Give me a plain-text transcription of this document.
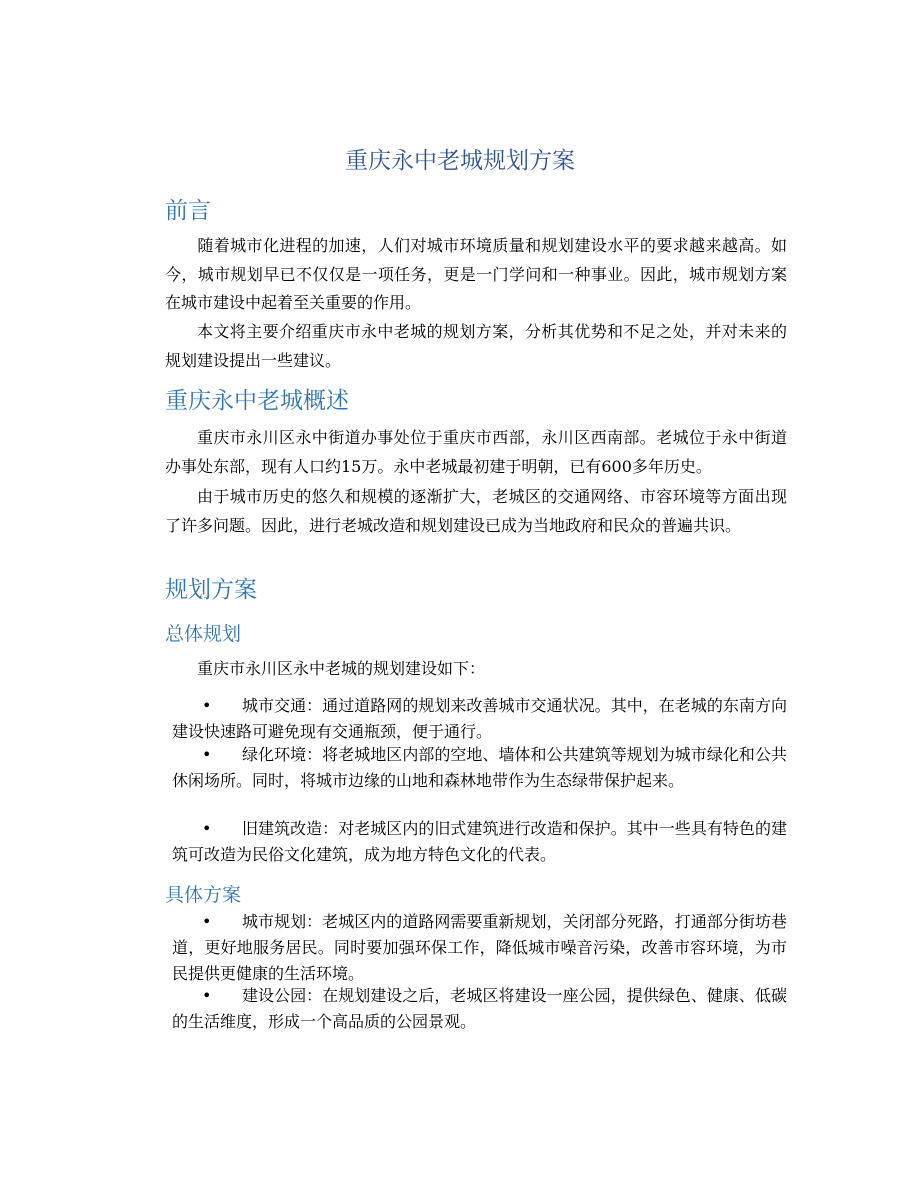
重庆永中老城规划方案
前言

随着城市化进程的加速，人们对城市环境质量和规划建设水平的要求越来越高。如今，城市规划早已不仅仅是一项任务，更是一门学问和一种事业。因此，城市规划方案在城市建设中起着至关重要的作用。

本文将主要介绍重庆市永中老城的规划方案，分析其优势和不足之处，并对未来的规划建设提出一些建议。

重庆永中老城概述

重庆市永川区永中街道办事处位于重庆市西部，永川区西南部。老城位于永中街道办事处东部，现有人口约15万。永中老城最初建于明朝，已有600多年历史。

由于城市历史的悠久和规模的逐渐扩大，老城区的交通网络、市容环境等方面出现了许多问题。因此，进行老城改造和规划建设已成为当地政府和民众的普遍共识。

规划方案
总体规划

重庆市永川区永中老城的规划建设如下：

• 城市交通：通过道路网的规划来改善城市交通状况。其中，在老城的东南方向建设快速路可避免现有交通瓶颈，便于通行。

• 绿化环境：将老城地区内部的空地、墙体和公共建筑等规划为城市绿化和公共休闲场所。同时，将城市边缘的山地和森林地带作为生态绿带保护起来。

• 旧建筑改造：对老城区内的旧式建筑进行改造和保护。其中一些具有特色的建筑可改造为民俗文化建筑，成为地方特色文化的代表。

具体方案

• 城市规划：老城区内的道路网需要重新规划，关闭部分死路，打通部分街坊巷道，更好地服务居民。同时要加强环保工作，降低城市噪音污染，改善市容环境，为市民提供更健康的生活环境。

• 建设公园：在规划建设之后，老城区将建设一座公园，提供绿色、健康、低碳的生活维度，形成一个高品质的公园景观。
